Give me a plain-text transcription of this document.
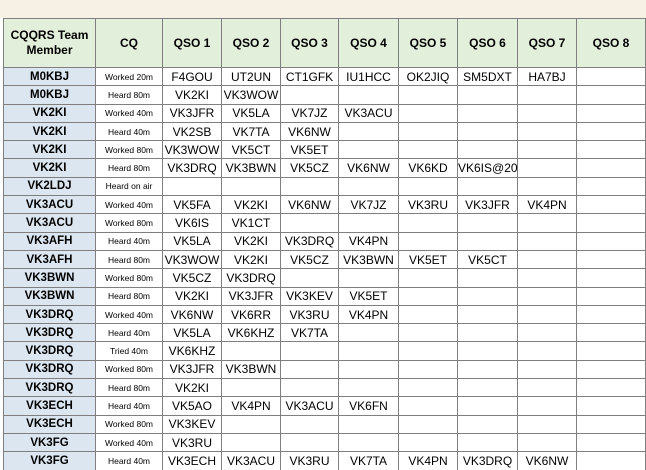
CQQRS Team
Member	CQ	QSO 1	QSO 2	QSO 3	QSO 4	QSO 5	QSO 6	QSO 7	QSO 8
M0KBJ	Worked 20m	F4GOU	UT2UN	CT1GFK	IU1HCC	OK2JIQ	SM5DXT	HA7BJ	
M0KBJ	Heard 80m	VK2KI	VK3WOW						
VK2KI	Worked 40m	VK3JFR	VK5LA	VK7JZ	VK3ACU				
VK2KI	Heard 40m	VK2SB	VK7TA	VK6NW					
VK2KI	Worked 80m	VK3WOW	VK5CT	VK5ET					
VK2KI	Heard 80m	VK3DRQ	VK3BWN	VK5CZ	VK6NW	VK6KD	VK6IS@20		
VK2LDJ	Heard on air								
VK3ACU	Worked 40m	VK5FA	VK2KI	VK6NW	VK7JZ	VK3RU	VK3JFR	VK4PN	
VK3ACU	Worked 80m	VK6IS	VK1CT						
VK3AFH	Heard 40m	VK5LA	VK2KI	VK3DRQ	VK4PN				
VK3AFH	Heard 80m	VK3WOW	VK2KI	VK5CZ	VK3BWN	VK5ET	VK5CT		
VK3BWN	Worked 80m	VK5CZ	VK3DRQ						
VK3BWN	Heard 80m	VK2KI	VK3JFR	VK3KEV	VK5ET				
VK3DRQ	Worked 40m	VK6NW	VK6RR	VK3RU	VK4PN				
VK3DRQ	Heard 40m	VK5LA	VK6KHZ	VK7TA					
VK3DRQ	Tried 40m	VK6KHZ							
VK3DRQ	Worked 80m	VK3JFR	VK3BWN						
VK3DRQ	Heard 80m	VK2KI							
VK3ECH	Heard 40m	VK5AO	VK4PN	VK3ACU	VK6FN				
VK3ECH	Worked 80m	VK3KEV							
VK3FG	Worked 40m	VK3RU							
VK3FG	Heard 40m	VK3ECH	VK3ACU	VK3RU	VK7TA	VK4PN	VK3DRQ	VK6NW	
